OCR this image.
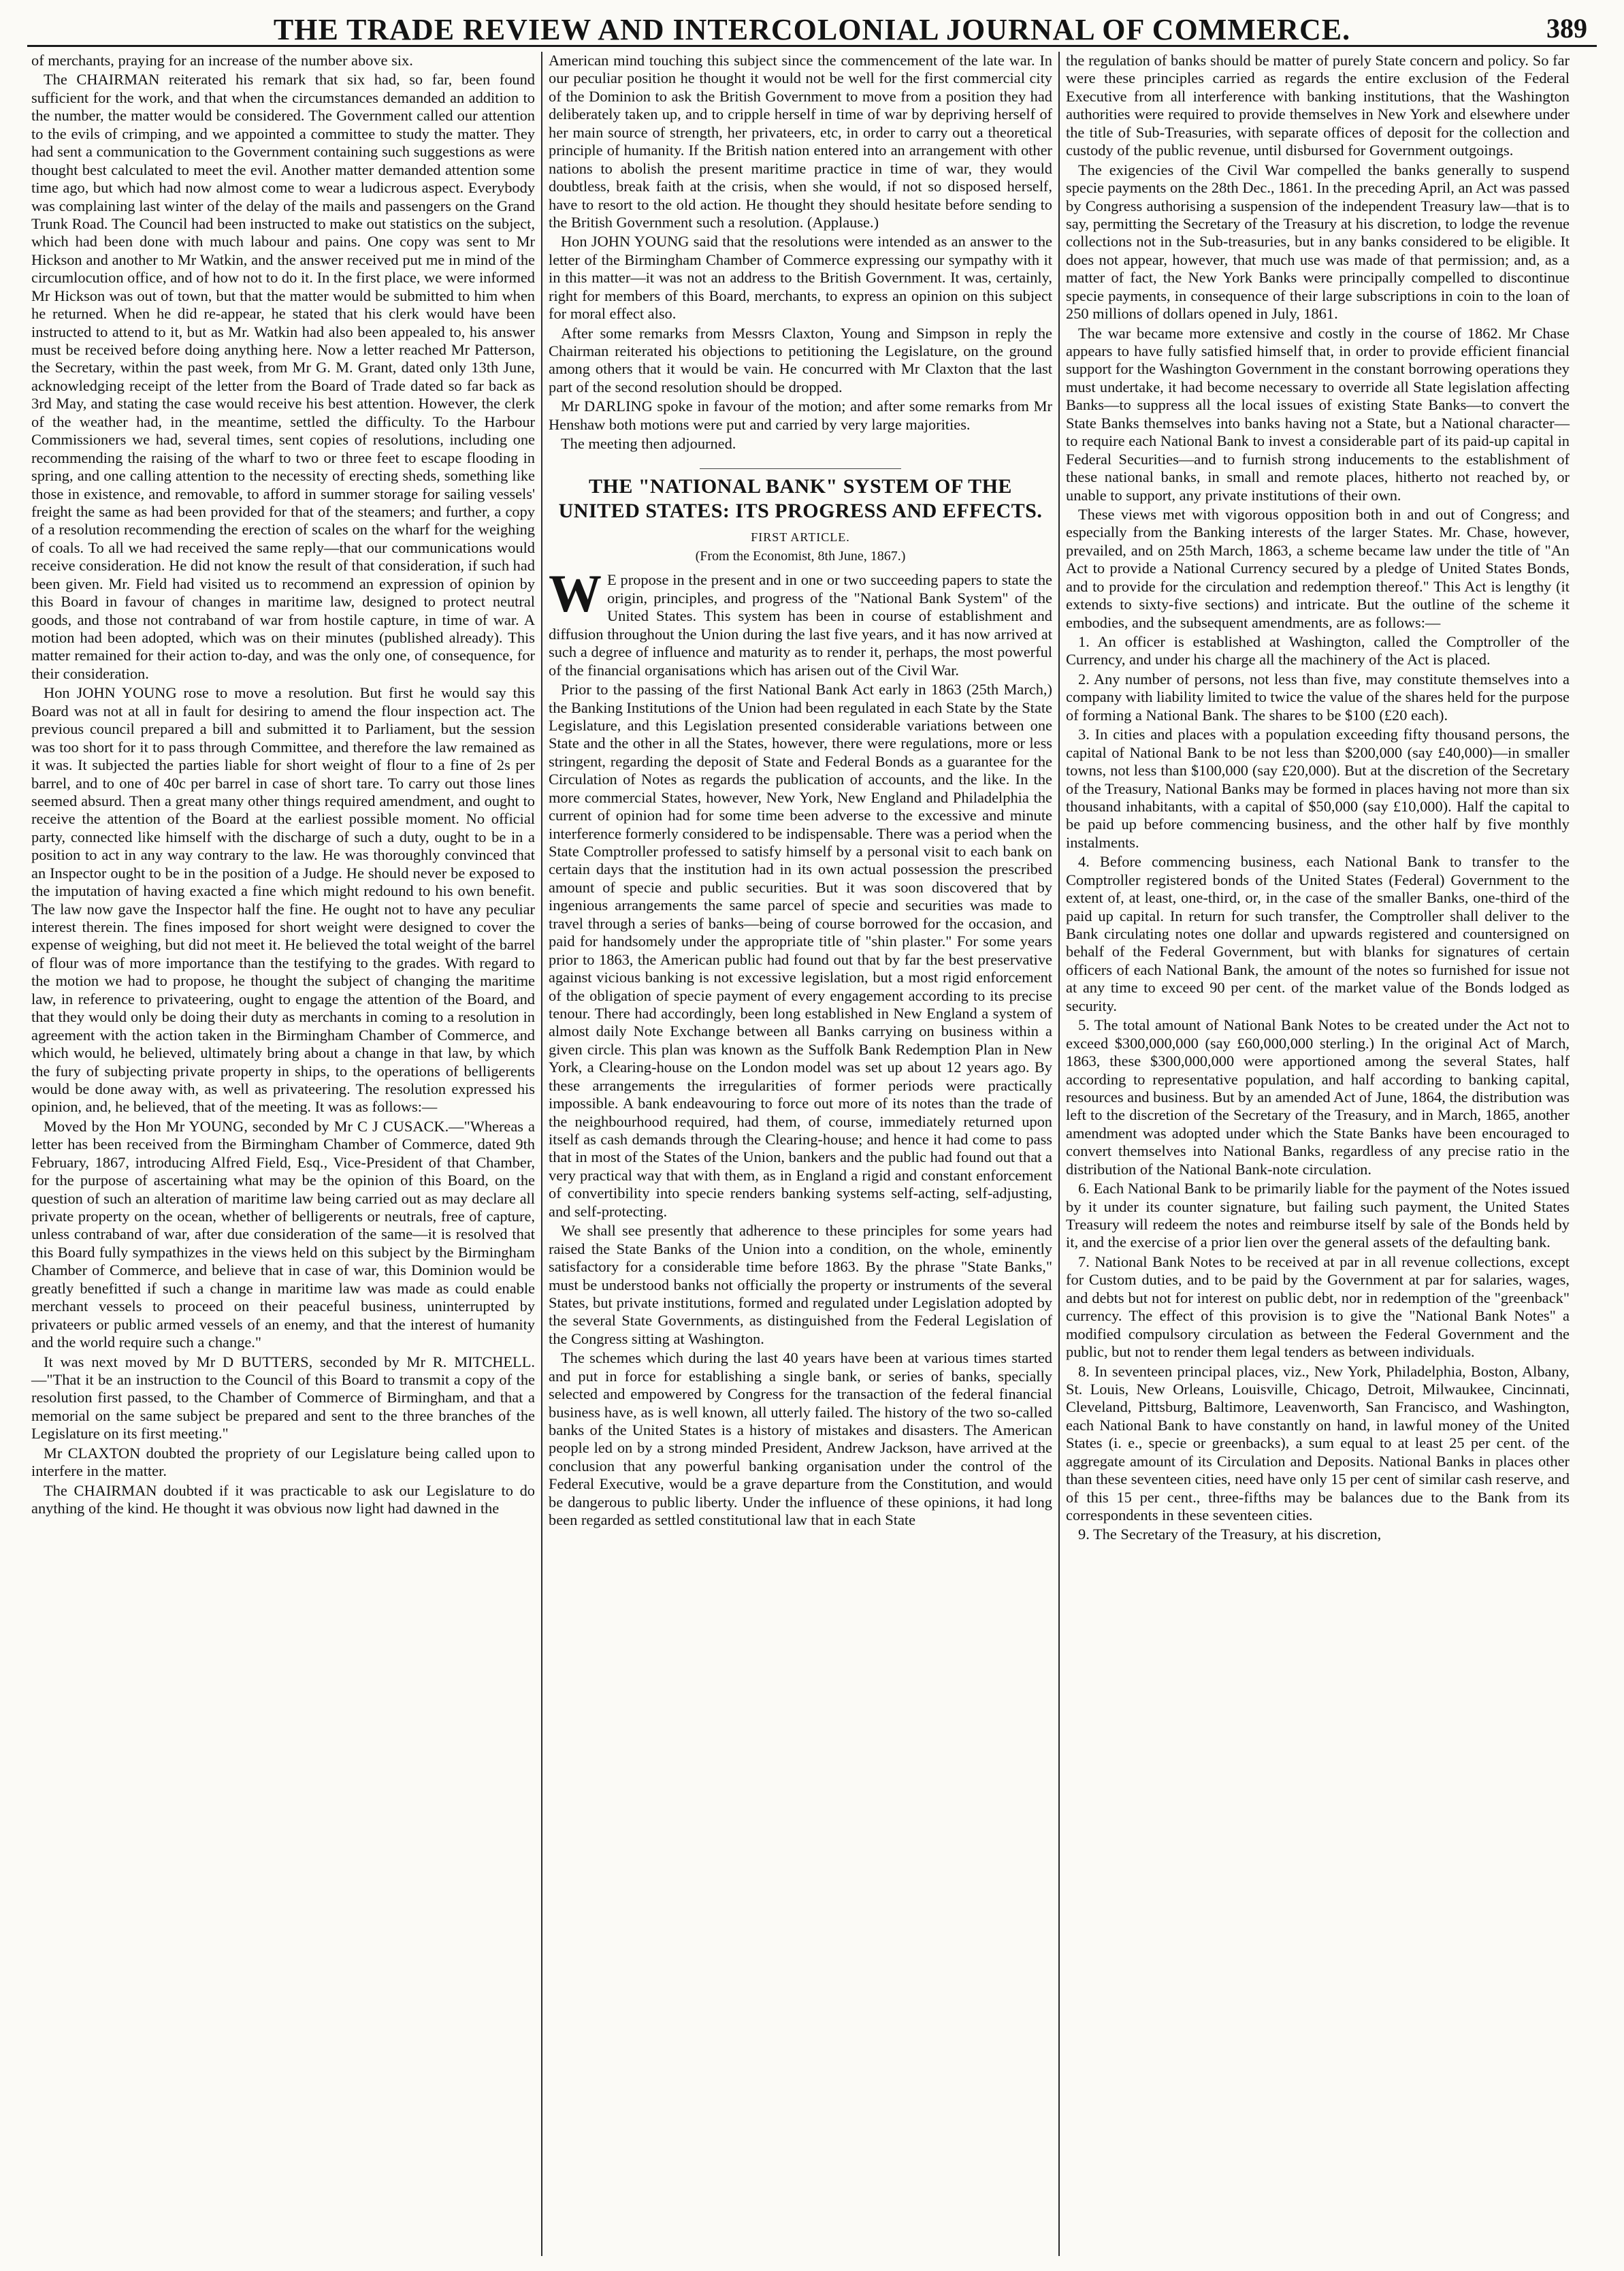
THE TRADE REVIEW AND INTERCOLONIAL JOURNAL OF COMMERCE.	389

of merchants, praying for an increase of the number above six.

The CHAIRMAN reiterated his remark that six had, so far, been found sufficient for the work, and that when the circumstances demanded an addition to the number, the matter would be considered. The Government called our attention to the evils of crimping, and we appointed a committee to study the matter. They had sent a communication to the Government containing such suggestions as were thought best calculated to meet the evil. Another matter demanded attention some time ago, but which had now almost come to wear a ludicrous aspect. Everybody was complaining last winter of the delay of the mails and passengers on the Grand Trunk Road. The Council had been instructed to make out statistics on the subject, which had been done with much labour and pains. One copy was sent to Mr Hickson and another to Mr Watkin, and the answer received put me in mind of the circumlocution office, and of how not to do it. In the first place, we were informed Mr Hickson was out of town, but that the matter would be submitted to him when he returned. When he did re-appear, he stated that his clerk would have been instructed to attend to it, but as Mr. Watkin had also been appealed to, his answer must be received before doing anything here. Now a letter reached Mr Patterson, the Secretary, within the past week, from Mr G. M. Grant, dated only 13th June, acknowledging receipt of the letter from the Board of Trade dated so far back as 3rd May, and stating the case would receive his best attention. However, the clerk of the weather had, in the meantime, settled the difficulty. To the Harbour Commissioners we had, several times, sent copies of resolutions, including one recommending the raising of the wharf to two or three feet to escape flooding in spring, and one calling attention to the necessity of erecting sheds, something like those in existence, and removable, to afford in summer storage for sailing vessels' freight the same as had been provided for that of the steamers; and further, a copy of a resolution recommending the erection of scales on the wharf for the weighing of coals. To all we had received the same reply—that our communications would receive consideration. He did not know the result of that consideration, if such had been given. Mr. Field had visited us to recommend an expression of opinion by this Board in favour of changes in maritime law, designed to protect neutral goods, and those not contraband of war from hostile capture, in time of war. A motion had been adopted, which was on their minutes (published already). This matter remained for their action to-day, and was the only one, of consequence, for their consideration.

Hon JOHN YOUNG rose to move a resolution. But first he would say this Board was not at all in fault for desiring to amend the flour inspection act. The previous council prepared a bill and submitted it to Parliament, but the session was too short for it to pass through Committee, and therefore the law remained as it was. It subjected the parties liable for short weight of flour to a fine of 2s per barrel, and to one of 40c per barrel in case of short tare. To carry out those lines seemed absurd. Then a great many other things required amendment, and ought to receive the attention of the Board at the earliest possible moment. No official party, connected like himself with the discharge of such a duty, ought to be in a position to act in any way contrary to the law. He was thoroughly convinced that an Inspector ought to be in the position of a Judge. He should never be exposed to the imputation of having exacted a fine which might redound to his own benefit. The law now gave the Inspector half the fine. He ought not to have any peculiar interest therein. The fines imposed for short weight were designed to cover the expense of weighing, but did not meet it. He believed the total weight of the barrel of flour was of more importance than the testifying to the grades. With regard to the motion we had to propose, he thought the subject of changing the maritime law, in reference to privateering, ought to engage the attention of the Board, and that they would only be doing their duty as merchants in coming to a resolution in agreement with the action taken in the Birmingham Chamber of Commerce, and which would, he believed, ultimately bring about a change in that law, by which the fury of subjecting private property in ships, to the operations of belligerents would be done away with, as well as privateering. The resolution expressed his opinion, and, he believed, that of the meeting. It was as follows:—

Moved by the Hon Mr YOUNG, seconded by Mr C J CUSACK.—"Whereas a letter has been received from the Birmingham Chamber of Commerce, dated 9th February, 1867, introducing Alfred Field, Esq., Vice-President of that Chamber, for the purpose of ascertaining what may be the opinion of this Board, on the question of such an alteration of maritime law being carried out as may declare all private property on the ocean, whether of belligerents or neutrals, free of capture, unless contraband of war, after due consideration of the same—it is resolved that this Board fully sympathizes in the views held on this subject by the Birmingham Chamber of Commerce, and believe that in case of war, this Dominion would be greatly benefitted if such a change in maritime law was made as could enable merchant vessels to proceed on their peaceful business, uninterrupted by privateers or public armed vessels of an enemy, and that the interest of humanity and the world require such a change."

It was next moved by Mr D BUTTERS, seconded by Mr R. MITCHELL.—"That it be an instruction to the Council of this Board to transmit a copy of the resolution first passed, to the Chamber of Commerce of Birmingham, and that a memorial on the same subject be prepared and sent to the three branches of the Legislature on its first meeting."

Mr CLAXTON doubted the propriety of our Legislature being called upon to interfere in the matter.

The CHAIRMAN doubted if it was practicable to ask our Legislature to do anything of the kind. He thought it was obvious now light had dawned in the

American mind touching this subject since the commencement of the late war. In our peculiar position he thought it would not be well for the first commercial city of the Dominion to ask the British Government to move from a position they had deliberately taken up, and to cripple herself in time of war by depriving herself of her main source of strength, her privateers, etc, in order to carry out a theoretical principle of humanity. If the British nation entered into an arrangement with other nations to abolish the present maritime practice in time of war, they would doubtless, break faith at the crisis, when she would, if not so disposed herself, have to resort to the old action. He thought they should hesitate before sending to the British Government such a resolution. (Applause.)

Hon JOHN YOUNG said that the resolutions were intended as an answer to the letter of the Birmingham Chamber of Commerce expressing our sympathy with it in this matter—it was not an address to the British Government. It was, certainly, right for members of this Board, merchants, to express an opinion on this subject for moral effect also.

After some remarks from Messrs Claxton, Young and Simpson in reply the Chairman reiterated his objections to petitioning the Legislature, on the ground among others that it would be vain. He concurred with Mr Claxton that the last part of the second resolution should be dropped.

Mr DARLING spoke in favour of the motion; and after some remarks from Mr Henshaw both motions were put and carried by very large majorities.

The meeting then adjourned.

THE "NATIONAL BANK" SYSTEM OF THE UNITED STATES: ITS PROGRESS AND EFFECTS.
FIRST ARTICLE.
(From the Economist, 8th June, 1867.)

W E propose in the present and in one or two succeeding papers to state the origin, principles, and progress of the "National Bank System" of the United States. This system has been in course of establishment and diffusion throughout the Union during the last five years, and it has now arrived at such a degree of influence and maturity as to render it, perhaps, the most powerful of the financial organisations which has arisen out of the Civil War.

Prior to the passing of the first National Bank Act early in 1863 (25th March,) the Banking Institutions of the Union had been regulated in each State by the State Legislature, and this Legislation presented considerable variations between one State and the other in all the States, however, there were regulations, more or less stringent, regarding the deposit of State and Federal Bonds as a guarantee for the Circulation of Notes as regards the publication of accounts, and the like. In the more commercial States, however, New York, New England and Philadelphia the current of opinion had for some time been adverse to the excessive and minute interference formerly considered to be indispensable. There was a period when the State Comptroller professed to satisfy himself by a personal visit to each bank on certain days that the institution had in its own actual possession the prescribed amount of specie and public securities. But it was soon discovered that by ingenious arrangements the same parcel of specie and securities was made to travel through a series of banks—being of course borrowed for the occasion, and paid for handsomely under the appropriate title of "shin plaster." For some years prior to 1863, the American public had found out that by far the best preservative against vicious banking is not excessive legislation, but a most rigid enforcement of the obligation of specie payment of every engagement according to its precise tenour. There had accordingly, been long established in New England a system of almost daily Note Exchange between all Banks carrying on business within a given circle. This plan was known as the Suffolk Bank Redemption Plan in New York, a Clearing-house on the London model was set up about 12 years ago. By these arrangements the irregularities of former periods were practically impossible. A bank endeavouring to force out more of its notes than the trade of the neighbourhood required, had them, of course, immediately returned upon itself as cash demands through the Clearing-house; and hence it had come to pass that in most of the States of the Union, bankers and the public had found out that a very practical way that with them, as in England a rigid and constant enforcement of convertibility into specie renders banking systems self-acting, self-adjusting, and self-protecting.

We shall see presently that adherence to these principles for some years had raised the State Banks of the Union into a condition, on the whole, eminently satisfactory for a considerable time before 1863. By the phrase "State Banks," must be understood banks not officially the property or instruments of the several States, but private institutions, formed and regulated under Legislation adopted by the several State Governments, as distinguished from the Federal Legislation of the Congress sitting at Washington.

The schemes which during the last 40 years have been at various times started and put in force for establishing a single bank, or series of banks, specially selected and empowered by Congress for the transaction of the federal financial business have, as is well known, all utterly failed. The history of the two so-called banks of the United States is a history of mistakes and disasters. The American people led on by a strong minded President, Andrew Jackson, have arrived at the conclusion that any powerful banking organisation under the control of the Federal Executive, would be a grave departure from the Constitution, and would be dangerous to public liberty. Under the influence of these opinions, it had long been regarded as settled constitutional law that in each State

the regulation of banks should be matter of purely State concern and policy. So far were these principles carried as regards the entire exclusion of the Federal Executive from all interference with banking institutions, that the Washington authorities were required to provide themselves in New York and elsewhere under the title of Sub-Treasuries, with separate offices of deposit for the collection and custody of the public revenue, until disbursed for Government outgoings.

The exigencies of the Civil War compelled the banks generally to suspend specie payments on the 28th Dec., 1861. In the preceding April, an Act was passed by Congress authorising a suspension of the independent Treasury law—that is to say, permitting the Secretary of the Treasury at his discretion, to lodge the revenue collections not in the Sub-treasuries, but in any banks considered to be eligible. It does not appear, however, that much use was made of that permission; and, as a matter of fact, the New York Banks were principally compelled to discontinue specie payments, in consequence of their large subscriptions in coin to the loan of 250 millions of dollars opened in July, 1861.

The war became more extensive and costly in the course of 1862. Mr Chase appears to have fully satisfied himself that, in order to provide efficient financial support for the Washington Government in the constant borrowing operations they must undertake, it had become necessary to override all State legislation affecting Banks—to suppress all the local issues of existing State Banks—to convert the State Banks themselves into banks having not a State, but a National character—to require each National Bank to invest a considerable part of its paid-up capital in Federal Securities—and to furnish strong inducements to the establishment of these national banks, in small and remote places, hitherto not reached by, or unable to support, any private institutions of their own.

These views met with vigorous opposition both in and out of Congress; and especially from the Banking interests of the larger States. Mr. Chase, however, prevailed, and on 25th March, 1863, a scheme became law under the title of "An Act to provide a National Currency secured by a pledge of United States Bonds, and to provide for the circulation and redemption thereof." This Act is lengthy (it extends to sixty-five sections) and intricate. But the outline of the scheme it embodies, and the subsequent amendments, are as follows:—

1. An officer is established at Washington, called the Comptroller of the Currency, and under his charge all the machinery of the Act is placed.

2. Any number of persons, not less than five, may constitute themselves into a company with liability limited to twice the value of the shares held for the purpose of forming a National Bank. The shares to be $100 (£20 each).

3. In cities and places with a population exceeding fifty thousand persons, the capital of National Bank to be not less than $200,000 (say £40,000)—in smaller towns, not less than $100,000 (say £20,000). But at the discretion of the Secretary of the Treasury, National Banks may be formed in places having not more than six thousand inhabitants, with a capital of $50,000 (say £10,000). Half the capital to be paid up before commencing business, and the other half by five monthly instalments.

4. Before commencing business, each National Bank to transfer to the Comptroller registered bonds of the United States (Federal) Government to the extent of, at least, one-third, or, in the case of the smaller Banks, one-third of the paid up capital. In return for such transfer, the Comptroller shall deliver to the Bank circulating notes one dollar and upwards registered and countersigned on behalf of the Federal Government, but with blanks for signatures of certain officers of each National Bank, the amount of the notes so furnished for issue not at any time to exceed 90 per cent. of the market value of the Bonds lodged as security.

5. The total amount of National Bank Notes to be created under the Act not to exceed $300,000,000 (say £60,000,000 sterling.) In the original Act of March, 1863, these $300,000,000 were apportioned among the several States, half according to representative population, and half according to banking capital, resources and business. But by an amended Act of June, 1864, the distribution was left to the discretion of the Secretary of the Treasury, and in March, 1865, another amendment was adopted under which the State Banks have been encouraged to convert themselves into National Banks, regardless of any precise ratio in the distribution of the National Bank-note circulation.

6. Each National Bank to be primarily liable for the payment of the Notes issued by it under its counter signature, but failing such payment, the United States Treasury will redeem the notes and reimburse itself by sale of the Bonds held by it, and the exercise of a prior lien over the general assets of the defaulting bank.

7. National Bank Notes to be received at par in all revenue collections, except for Custom duties, and to be paid by the Government at par for salaries, wages, and debts but not for interest on public debt, nor in redemption of the "greenback" currency. The effect of this provision is to give the "National Bank Notes" a modified compulsory circulation as between the Federal Government and the public, but not to render them legal tenders as between individuals.

8. In seventeen principal places, viz., New York, Philadelphia, Boston, Albany, St. Louis, New Orleans, Louisville, Chicago, Detroit, Milwaukee, Cincinnati, Cleveland, Pittsburg, Baltimore, Leavenworth, San Francisco, and Washington, each National Bank to have constantly on hand, in lawful money of the United States (i. e., specie or greenbacks), a sum equal to at least 25 per cent. of the aggregate amount of its Circulation and Deposits. National Banks in places other than these seventeen cities, need have only 15 per cent of similar cash reserve, and of this 15 per cent., three-fifths may be balances due to the Bank from its correspondents in these seventeen cities.

9. The Secretary of the Treasury, at his discretion,
